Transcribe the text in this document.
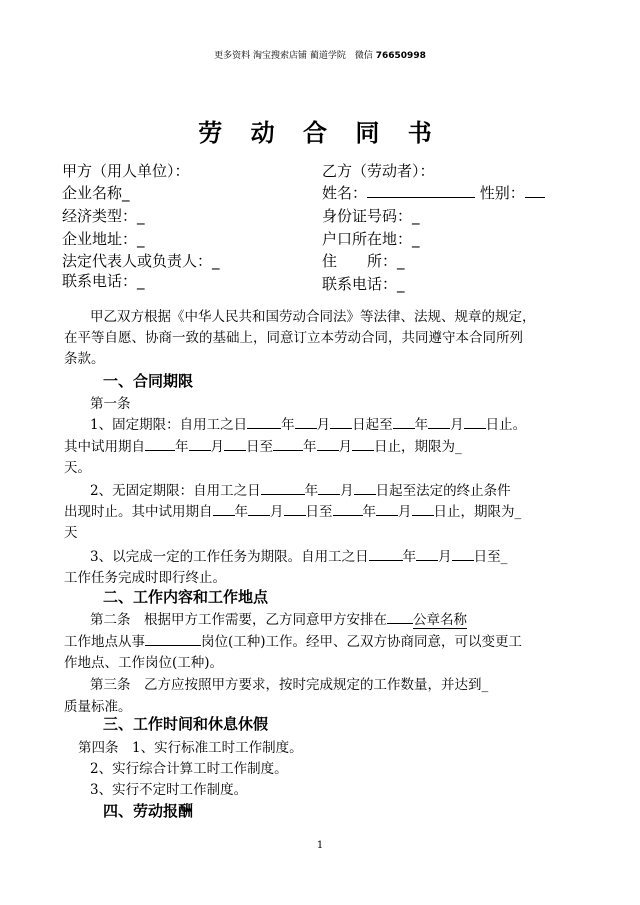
更多资料 淘宝搜索店铺 蔺道学院　微信 76650998
劳 动 合 同 书
甲方（用人单位）：
企业名称_
经济类型：_
企业地址：_
法定代表人或负责人：_
联系电话：_
乙方（劳动者）：
姓名：	性别：
身份证号码：_
户口所在地：_
住　　所：_
联系电话：_
甲乙双方根据《中华人民共和国劳动合同法》等法律、法规、规章的规定，
在平等自愿、协商一致的基础上，同意订立本劳动合同，共同遵守本合同所列
条款。
一、合同期限
第一条
1、固定期限：自用工之日	年 月 日起至 年 月 日止。
其中试用期自 年 月 日至 年 月 日止，期限为_
天。
2、无固定期限：自用工之日	年 月 日起至法定的终止条件
出现时止。其中试用期自 年 月 日至 年 月 日止，期限为_
天
3、以完成一定的工作任务为期限。自用工之日	年 月 日至_
工作任务完成时即行终止。
二、工作内容和工作地点
第二条　根据甲方工作需要，乙方同意甲方安排在 公章名称
工作地点从事	岗位(工种)工作。经甲、乙双方协商同意，可以变更工
作地点、工作岗位(工种)。
第三条　乙方应按照甲方要求，按时完成规定的工作数量，并达到_
质量标准。
三、工作时间和休息休假
第四条　1、实行标准工时工作制度。
2、实行综合计算工时工作制度。
3、实行不定时工作制度。
四、劳动报酬
1
